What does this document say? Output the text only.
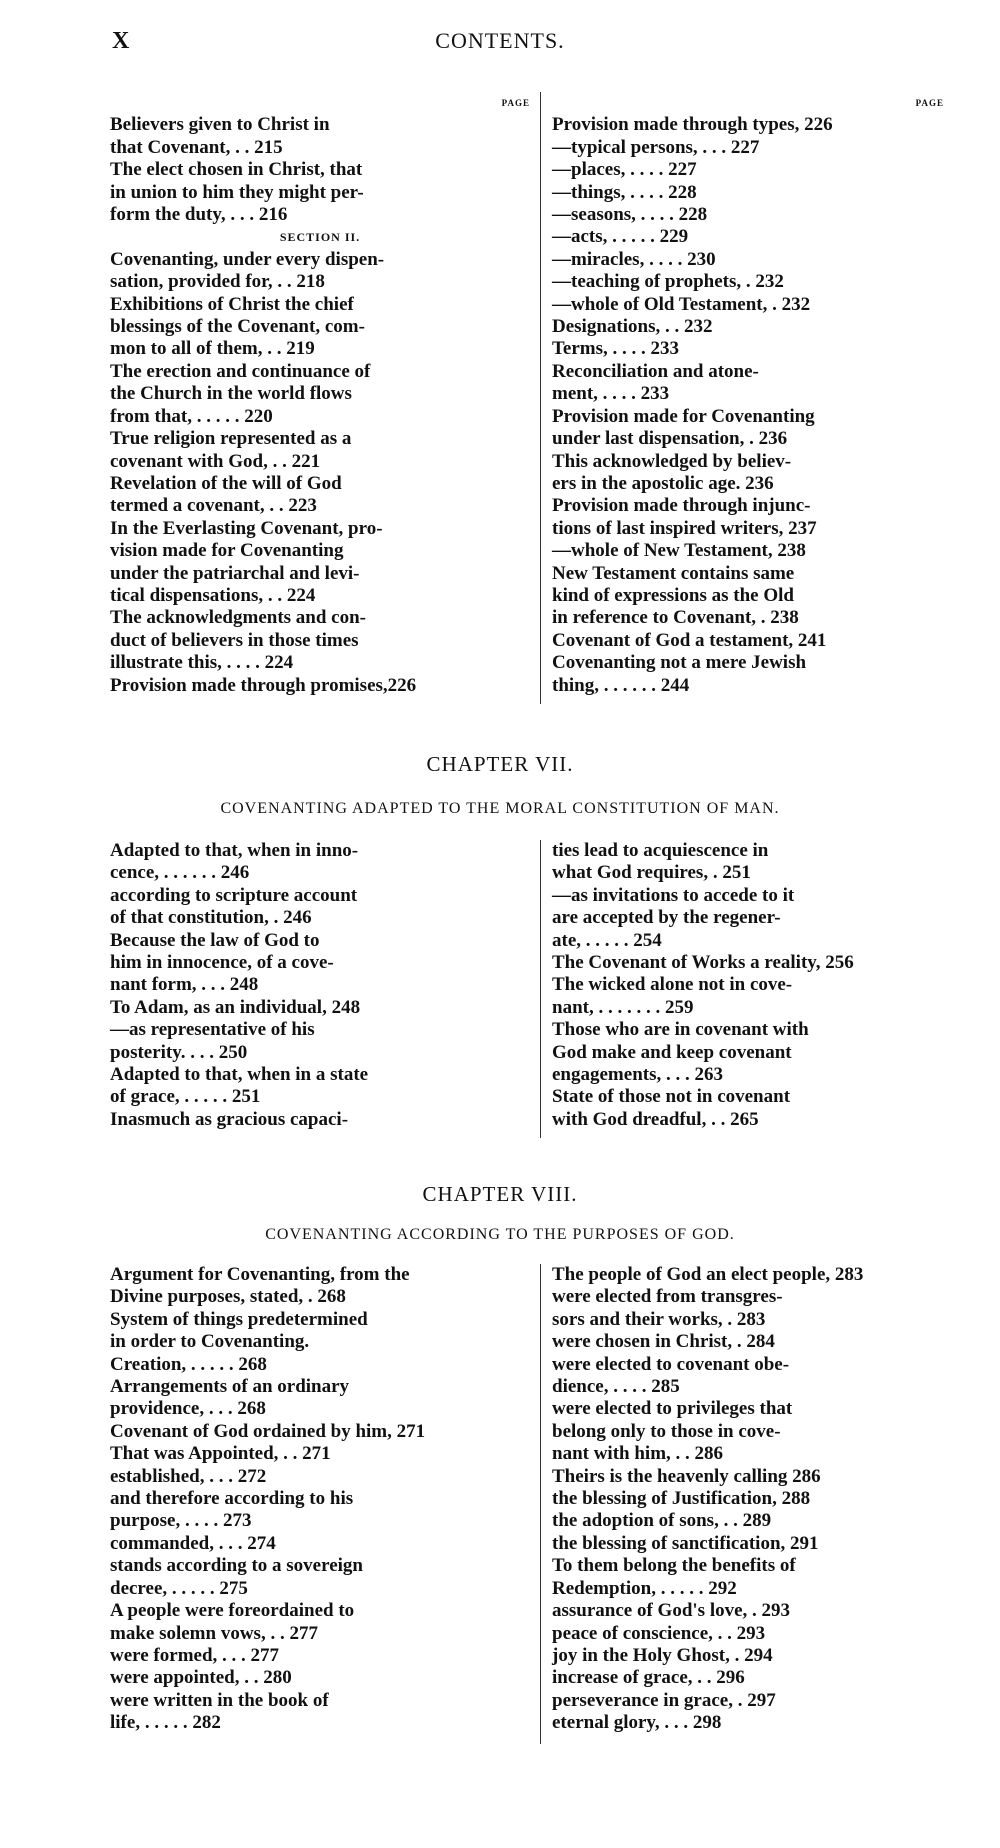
X	CONTENTS.
PAGE
Believers given to Christ in
that Covenant, . . 215
The elect chosen in Christ, that
in union to him they might per-
form the duty, . . . 216
SECTION II.
Covenanting, under every dispen-
sation, provided for, . . 218
Exhibitions of Christ the chief
blessings of the Covenant, com-
mon to all of them, . . 219
The erection and continuance of
the Church in the world flows
from that, . . . . . 220
True religion represented as a
covenant with God, . . 221
Revelation of the will of God
termed a covenant, . . 223
In the Everlasting Covenant, pro-
vision made for Covenanting
under the patriarchal and levi-
tical dispensations, . . 224
The acknowledgments and con-
duct of believers in those times
illustrate this, . . . . 224
Provision made through promises,226
PAGE
Provision made through types, 226
—typical persons, . . . 227
—places, . . . . 227
—things, . . . . 228
—seasons, . . . . 228
—acts, . . . . . 229
—miracles, . . . . 230
—teaching of prophets, . 232
—whole of Old Testament, . 232
Designations, . . 232
Terms, . . . . 233
Reconciliation and atone-
ment, . . . . 233
Provision made for Covenanting
under last dispensation, . 236
This acknowledged by believ-
ers in the apostolic age. 236
Provision made through injunc-
tions of last inspired writers, 237
—whole of New Testament, 238
New Testament contains same
kind of expressions as the Old
in reference to Covenant, . 238
Covenant of God a testament, 241
Covenanting not a mere Jewish
thing, . . . . . . 244
CHAPTER VII.
COVENANTING ADAPTED TO THE MORAL CONSTITUTION OF MAN.
Adapted to that, when in inno-
cence, . . . . . . 246
according to scripture account
of that constitution, . 246
Because the law of God to
him in innocence, of a cove-
nant form, . . . 248
To Adam, as an individual, 248
—as representative of his
posterity. . . . 250
Adapted to that, when in a state
of grace, . . . . . 251
Inasmuch as gracious capaci-
ties lead to acquiescence in
what God requires, . 251
—as invitations to accede to it
are accepted by the regener-
ate, . . . . . 254
The Covenant of Works a reality, 256
The wicked alone not in cove-
nant, . . . . . . . 259
Those who are in covenant with
God make and keep covenant
engagements, . . . 263
State of those not in covenant
with God dreadful, . . 265
CHAPTER VIII.
COVENANTING ACCORDING TO THE PURPOSES OF GOD.
Argument for Covenanting, from the
Divine purposes, stated, . 268
System of things predetermined
in order to Covenanting.
Creation, . . . . . 268
Arrangements of an ordinary
providence, . . . 268
Covenant of God ordained by him, 271
That was Appointed, . . 271
established, . . . 272
and therefore according to his
purpose, . . . . 273
commanded, . . . 274
stands according to a sovereign
decree, . . . . . 275
A people were foreordained to
make solemn vows, . . 277
were formed, . . . 277
were appointed, . . 280
were written in the book of
life, . . . . . 282
The people of God an elect people, 283
were elected from transgres-
sors and their works, . 283
were chosen in Christ, . 284
were elected to covenant obe-
dience, . . . . 285
were elected to privileges that
belong only to those in cove-
nant with him, . . 286
Theirs is the heavenly calling 286
the blessing of Justification, 288
the adoption of sons, . . 289
the blessing of sanctification, 291
To them belong the benefits of
Redemption, . . . . . 292
assurance of God's love, . 293
peace of conscience, . . 293
joy in the Holy Ghost, . 294
increase of grace, . . 296
perseverance in grace, . 297
eternal glory, . . . 298
